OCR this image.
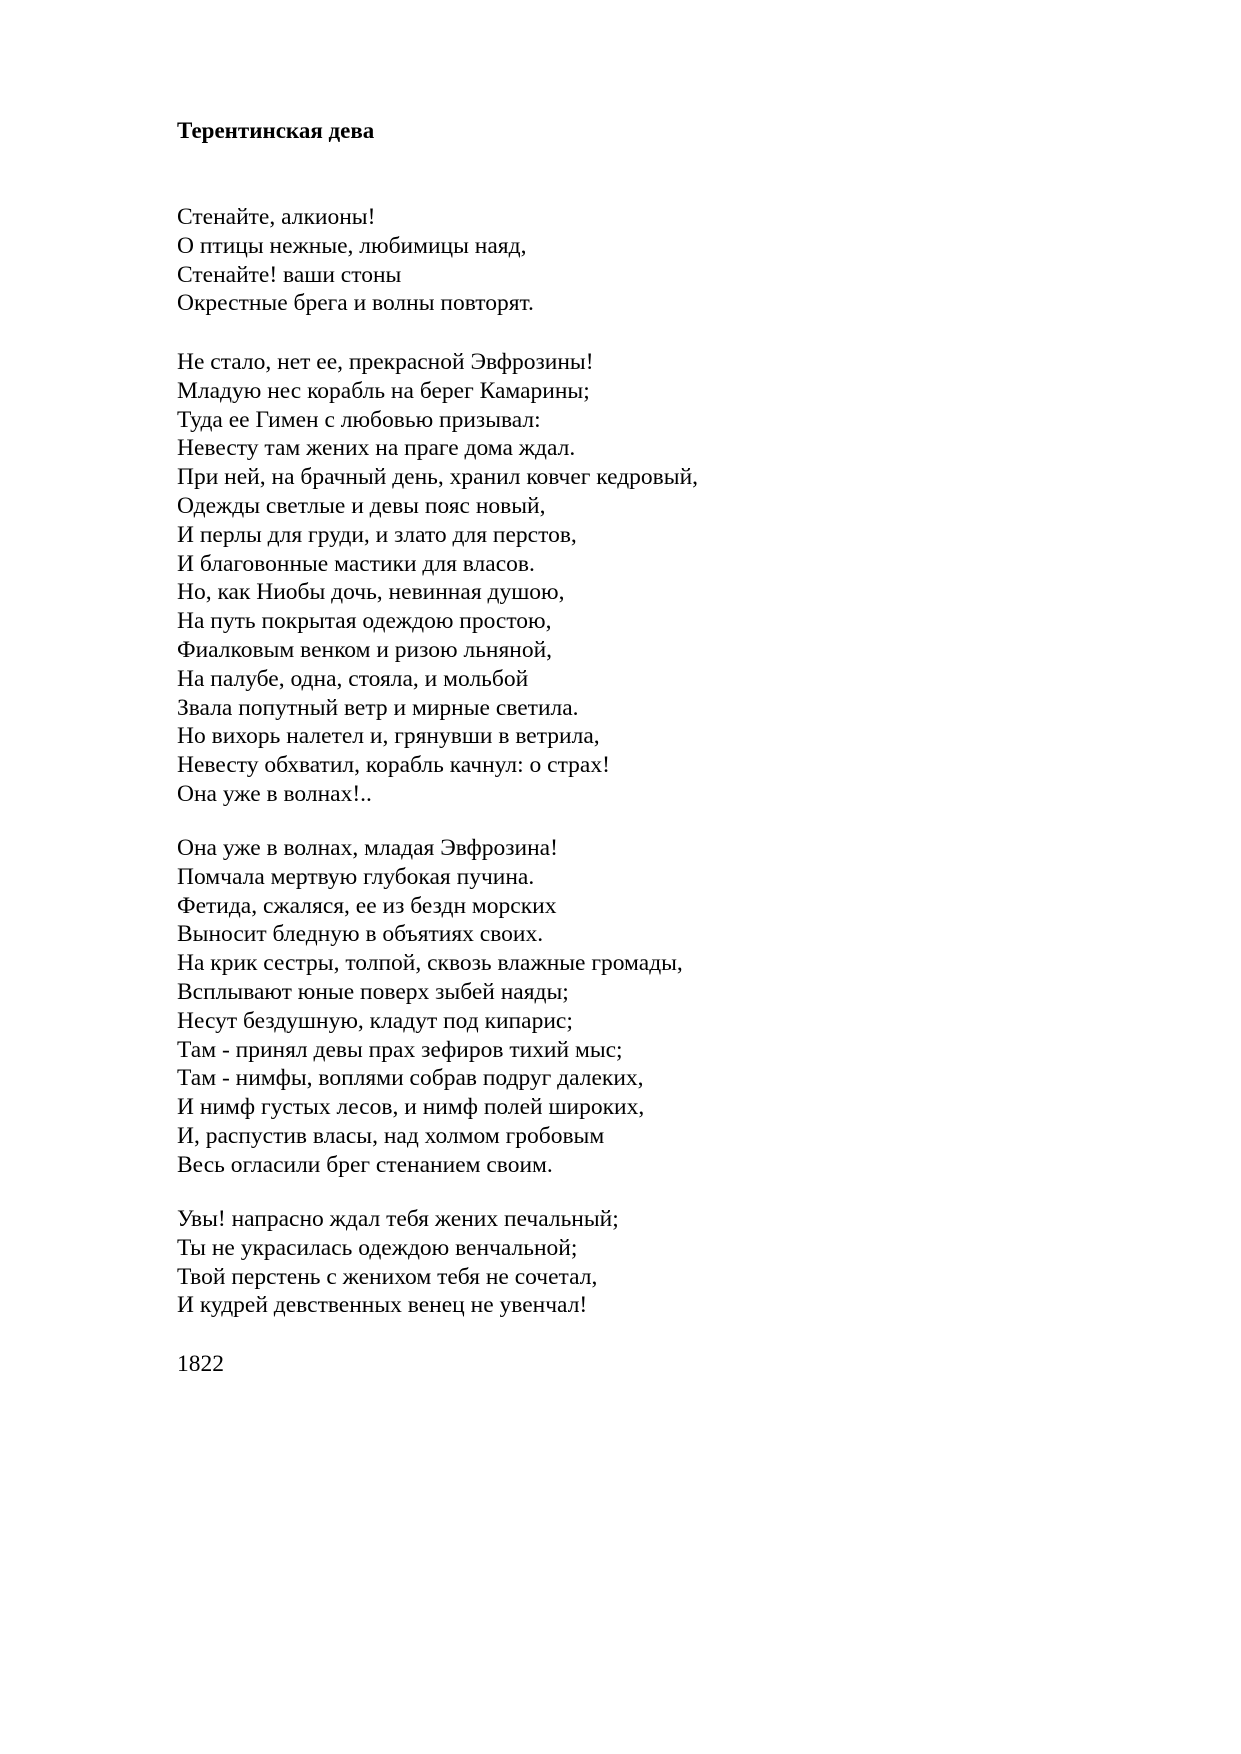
Терентинская дева
Стенайте, алкионы!
О птицы нежные, любимицы наяд,
Стенайте! ваши стоны
Окрестные брега и волны повторят.
Не стало, нет ее, прекрасной Эвфрозины!
Младую нес корабль на берег Камарины;
Туда ее Гимен с любовью призывал:
Невесту там жених на праге дома ждал.
При ней, на брачный день, хранил ковчег кедровый,
Одежды светлые и девы пояс новый,
И перлы для груди, и злато для перстов,
И благовонные мастики для власов.
Но, как Ниобы дочь, невинная душою,
На путь покрытая одеждою простою,
Фиалковым венком и ризою льняной,
На палубе, одна, стояла, и мольбой
Звала попутный ветр и мирные светила.
Но вихорь налетел и, грянувши в ветрила,
Невесту обхватил, корабль качнул: о страх!
Она уже в волнах!..
Она уже в волнах, младая Эвфрозина!
Помчала мертвую глубокая пучина.
Фетида, сжаляся, ее из бездн морских
Выносит бледную в объятиях своих.
На крик сестры, толпой, сквозь влажные громады,
Всплывают юные поверх зыбей наяды;
Несут бездушную, кладут под кипарис;
Там - принял девы прах зефиров тихий мыс;
Там - нимфы, воплями собрав подруг далеких,
И нимф густых лесов, и нимф полей широких,
И, распустив власы, над холмом гробовым
Весь огласили брег стенанием своим.
Увы! напрасно ждал тебя жених печальный;
Ты не украсилась одеждою венчальной;
Твой перстень с женихом тебя не сочетал,
И кудрей девственных венец не увенчал!

1822
